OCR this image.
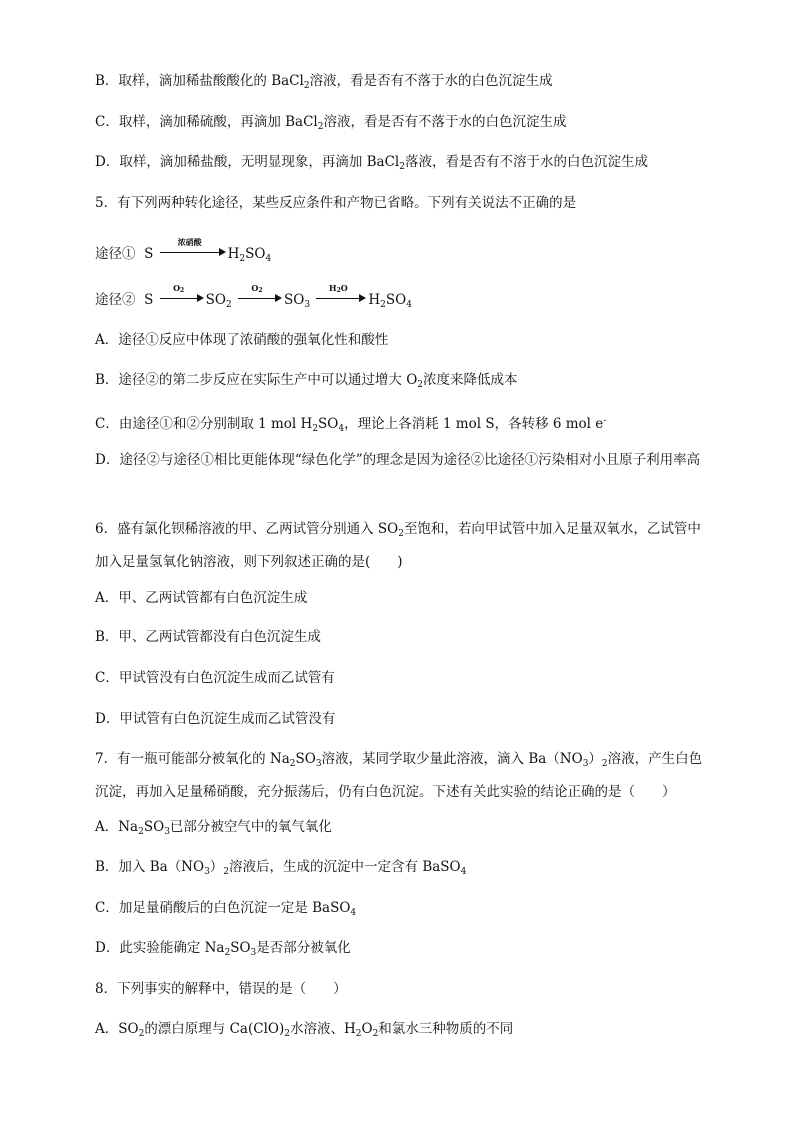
B．取样，滴加稀盐酸酸化的 BaCl$_2$溶液，看是否有不落于水的白色沉淀生成
C．取样，滴加稀硫酸，再滴加 BaCl$_2$溶液，看是否有不落于水的白色沉淀生成
D．取样，滴加稀盐酸，无明显现象，再滴加 BaCl$_2$落液，看是否有不溶于水的白色沉淀生成
5．有下列两种转化途径，某些反应条件和产物已省略。下列有关说法不正确的是
途径① S
浓硝酸
$H_2SO_4$
途径② S
$O_2$
$SO_2$
$O_2$
$SO_3$
$H_2O$
$H_2SO_4$
A．途径①反应中体现了浓硝酸的强氧化性和酸性
B．途径②的第二步反应在实际生产中可以通过增大 $O_2$浓度来降低成本
C．由途径①和②分别制取 1 mol $H_2SO_4$，理论上各消耗 1 mol S，各转移 6 mol e-
D．途径②与途径①相比更能体现“绿色化学”的理念是因为途径②比途径①污染相对小且原子利用率高
6．盛有氯化钡稀溶液的甲、乙两试管分别通入 $SO_2$至饱和，若向甲试管中加入足量双氧水，乙试管中加入足量氢氧化钠溶液，则下列叙述正确的是(　　)
A．甲、乙两试管都有白色沉淀生成
B．甲、乙两试管都没有白色沉淀生成
C．甲试管没有白色沉淀生成而乙试管有
D．甲试管有白色沉淀生成而乙试管没有
7．有一瓶可能部分被氧化的 $Na_2SO_3$溶液，某同学取少量此溶液，滴入 $Ba(NO_3)_2$溶液，产生白色沉淀，再加入足量稀硝酸，充分振荡后，仍有白色沉淀。下述有关此实验的结论正确的是（　　）
A．$Na_2SO_3$已部分被空气中的氧气氧化
B．加入 $Ba(NO_3)_2$溶液后，生成的沉淀中一定含有 BaSO$_4$
C．加足量硝酸后的白色沉淀一定是 BaSO$_4$
D．此实验能确定 $Na_2SO_3$是否部分被氧化
8．下列事实的解释中，错误的是（　　）
A．$SO_2$的漂白原理与 $Ca(ClO)_2$水溶液、$H_2O_2$和氯水三种物质的不同
